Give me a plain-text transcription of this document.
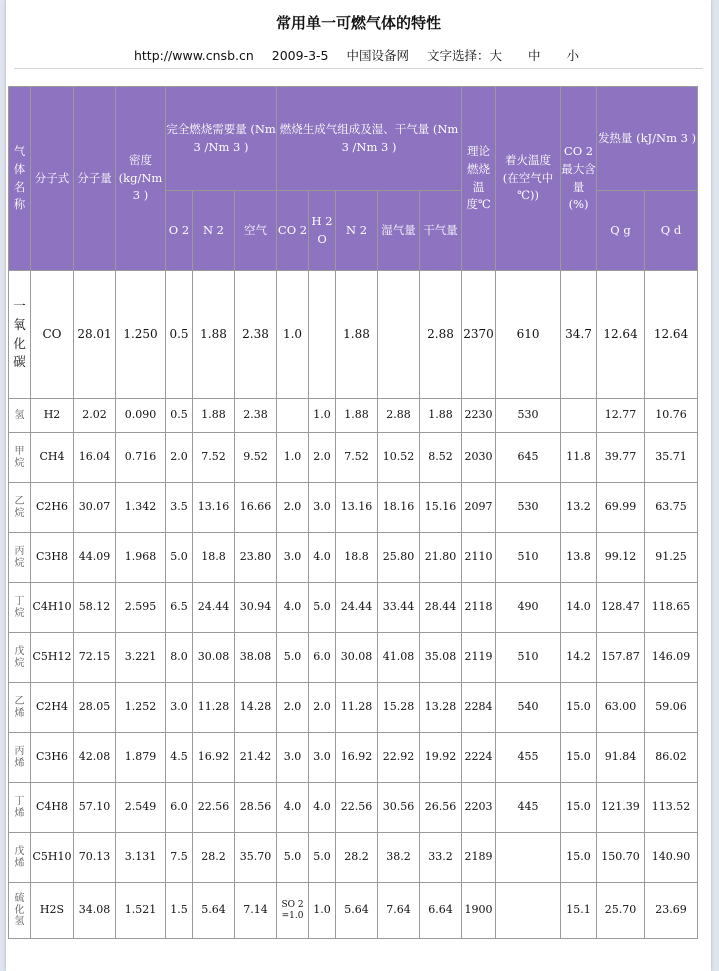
常用单一可燃气体的特性
http://www.cnsb.cn 2009-3-5 中国设备网 文字选择：大 中 小
气体名称	分子式	分子量	密度 (kg/Nm 3 )	完全燃烧需要量 (Nm 3 /Nm 3 )			燃烧生成气组成及湿、干气量 (Nm 3 /Nm 3 )					理论燃烧温度℃	着火温度 (在空气中 ℃))	CO 2 最大含量 (%)	发热量 (kJ/Nm 3 )	
				O 2	N 2	空气	CO 2	H 2 O	N 2	湿气量	干气量				Q g	Q d
一氧化碳	CO	28.01	1.250	0.5	1.88	2.38	1.0		1.88		2.88	2370	610	34.7	12.64	12.64
氢	H2	2.02	0.090	0.5	1.88	2.38		1.0	1.88	2.88	1.88	2230	530		12.77	10.76
甲烷	CH4	16.04	0.716	2.0	7.52	9.52	1.0	2.0	7.52	10.52	8.52	2030	645	11.8	39.77	35.71
乙烷	C2H6	30.07	1.342	3.5	13.16	16.66	2.0	3.0	13.16	18.16	15.16	2097	530	13.2	69.99	63.75
丙烷	C3H8	44.09	1.968	5.0	18.8	23.80	3.0	4.0	18.8	25.80	21.80	2110	510	13.8	99.12	91.25
丁烷	C4H10	58.12	2.595	6.5	24.44	30.94	4.0	5.0	24.44	33.44	28.44	2118	490	14.0	128.47	118.65
戊烷	C5H12	72.15	3.221	8.0	30.08	38.08	5.0	6.0	30.08	41.08	35.08	2119	510	14.2	157.87	146.09
乙烯	C2H4	28.05	1.252	3.0	11.28	14.28	2.0	2.0	11.28	15.28	13.28	2284	540	15.0	63.00	59.06
丙烯	C3H6	42.08	1.879	4.5	16.92	21.42	3.0	3.0	16.92	22.92	19.92	2224	455	15.0	91.84	86.02
丁烯	C4H8	57.10	2.549	6.0	22.56	28.56	4.0	4.0	22.56	30.56	26.56	2203	445	15.0	121.39	113.52
戊烯	C5H10	70.13	3.131	7.5	28.2	35.70	5.0	5.0	28.2	38.2	33.2	2189		15.0	150.70	140.90
硫化氢	H2S	34.08	1.521	1.5	5.64	7.14	SO 2 =1.0	1.0	5.64	7.64	6.64	1900		15.1	25.70	23.69
